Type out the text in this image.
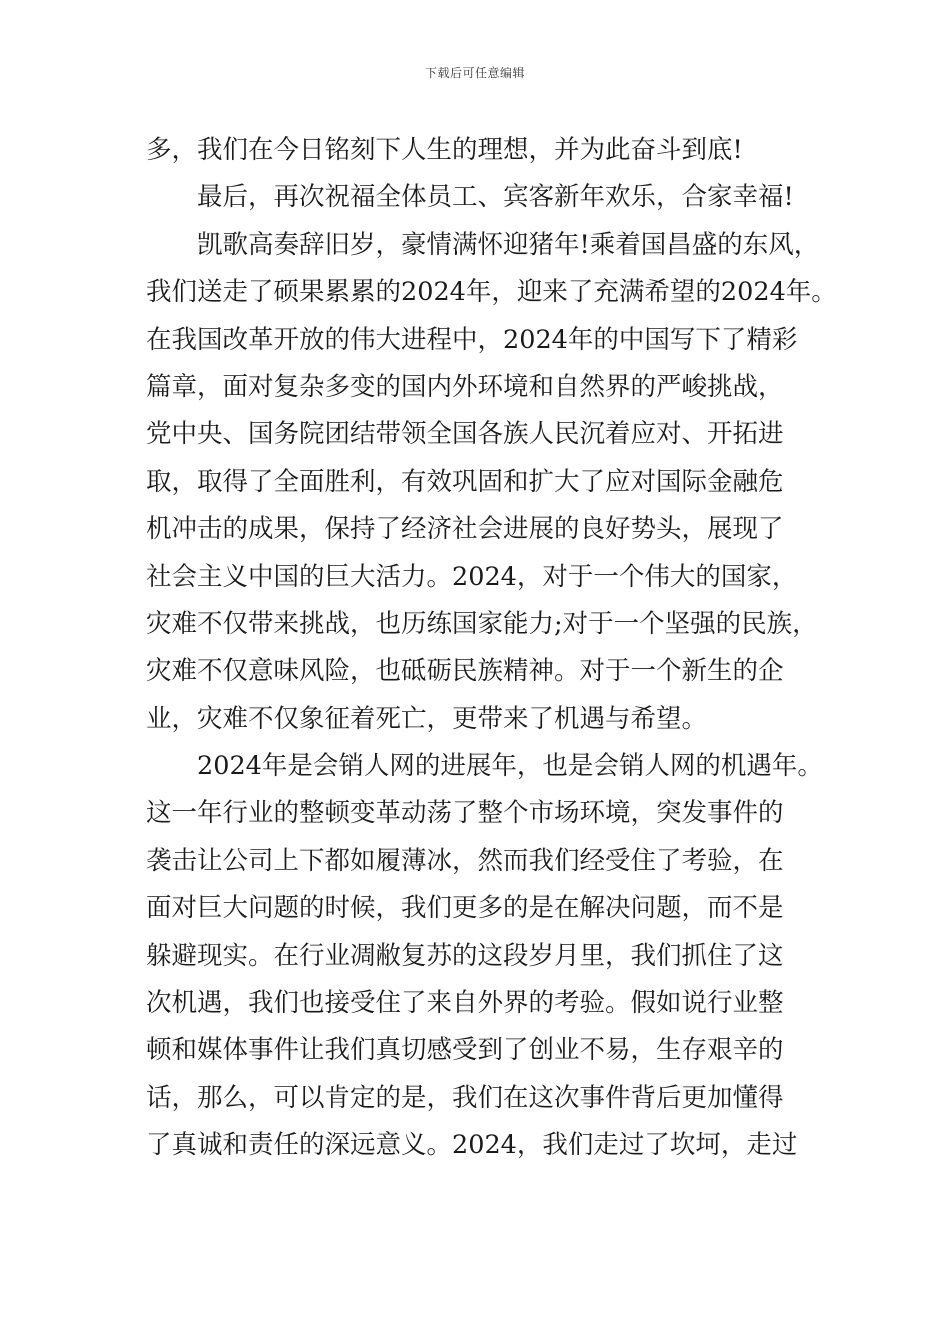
下载后可任意编辑
多，我们在今日铭刻下人生的理想，并为此奋斗到底!
最后，再次祝福全体员工、宾客新年欢乐，合家幸福!
凯歌高奏辞旧岁，豪情满怀迎猪年!乘着国昌盛的东风，
我们送走了硕果累累的2024年，迎来了充满希望的2024年。
在我国改革开放的伟大进程中，2024年的中国写下了精彩
篇章，面对复杂多变的国内外环境和自然界的严峻挑战，
党中央、国务院团结带领全国各族人民沉着应对、开拓进
取，取得了全面胜利，有效巩固和扩大了应对国际金融危
机冲击的成果，保持了经济社会进展的良好势头，展现了
社会主义中国的巨大活力。2024，对于一个伟大的国家，
灾难不仅带来挑战，也历练国家能力;对于一个坚强的民族，
灾难不仅意味风险，也砥砺民族精神。对于一个新生的企
业，灾难不仅象征着死亡，更带来了机遇与希望。
2024年是会销人网的进展年，也是会销人网的机遇年。
这一年行业的整顿变革动荡了整个市场环境，突发事件的
袭击让公司上下都如履薄冰，然而我们经受住了考验，在
面对巨大问题的时候，我们更多的是在解决问题，而不是
躲避现实。在行业凋敝复苏的这段岁月里，我们抓住了这
次机遇，我们也接受住了来自外界的考验。假如说行业整
顿和媒体事件让我们真切感受到了创业不易，生存艰辛的
话，那么，可以肯定的是，我们在这次事件背后更加懂得
了真诚和责任的深远意义。2024，我们走过了坎坷，走过
